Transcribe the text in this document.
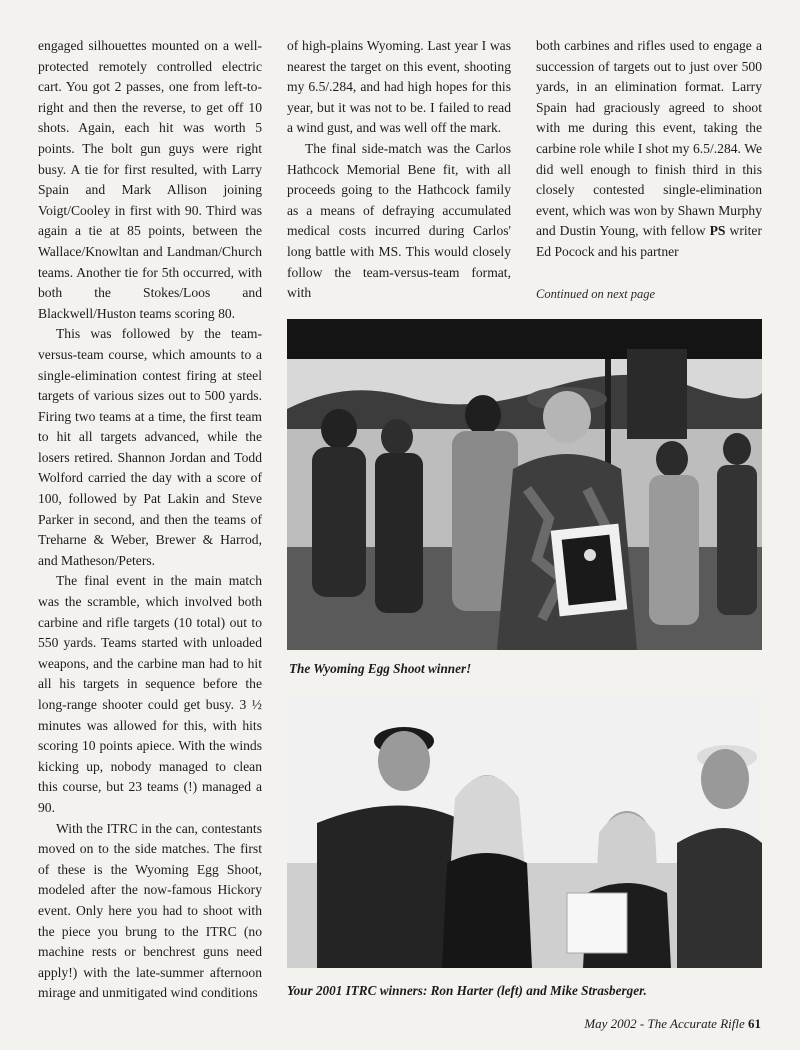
engaged silhouettes mounted on a well-protected remotely controlled electric cart. You got 2 passes, one from left-to-right and then the reverse, to get off 10 shots. Again, each hit was worth 5 points. The bolt gun guys were right busy. A tie for first resulted, with Larry Spain and Mark Allison joining Voigt/Cooley in first with 90. Third was again a tie at 85 points, between the Wallace/Knowltan and Landman/Church teams. Another tie for 5th occurred, with both the Stokes/Loos and Blackwell/Huston teams scoring 80.

This was followed by the team-versus-team course, which amounts to a single-elimination contest firing at steel targets of various sizes out to 500 yards. Firing two teams at a time, the first team to hit all targets advanced, while the losers retired. Shannon Jordan and Todd Wolford carried the day with a score of 100, followed by Pat Lakin and Steve Parker in second, and then the teams of Treharne & Weber, Brewer & Harrod, and Matheson/Peters.

The final event in the main match was the scramble, which involved both carbine and rifle targets (10 total) out to 550 yards. Teams started with unloaded weapons, and the carbine man had to hit all his targets in sequence before the long-range shooter could get busy. 3 ½ minutes was allowed for this, with hits scoring 10 points apiece. With the winds kicking up, nobody managed to clean this course, but 23 teams (!) managed a 90.

With the ITRC in the can, contestants moved on to the side matches. The first of these is the Wyoming Egg Shoot, modeled after the now-famous Hickory event. Only here you had to shoot with the piece you brung to the ITRC (no machine rests or benchrest guns need apply!) with the late-summer afternoon mirage and unmitigated wind conditions

of high-plains Wyoming. Last year I was nearest the target on this event, shooting my 6.5/.284, and had high hopes for this year, but it was not to be. I failed to read a wind gust, and was well off the mark.

The final side-match was the Carlos Hathcock Memorial Bene fit, with all proceeds going to the Hathcock family as a means of defraying accumulated medical costs incurred during Carlos' long battle with MS. This would closely follow the team-versus-team format, with

both carbines and rifles used to engage a succession of targets out to just over 500 yards, in an elimination format. Larry Spain had graciously agreed to shoot with me during this event, taking the carbine role while I shot my 6.5/.284. We did well enough to finish third in this closely contested single-elimination event, which was won by Shawn Murphy and Dustin Young, with fellow PS writer Ed Pocock and his partner

Continued on next page
The Wyoming Egg Shoot winner!
Your 2001 ITRC winners: Ron Harter (left) and Mike Strasberger.
May 2002 - The Accurate Rifle 61
